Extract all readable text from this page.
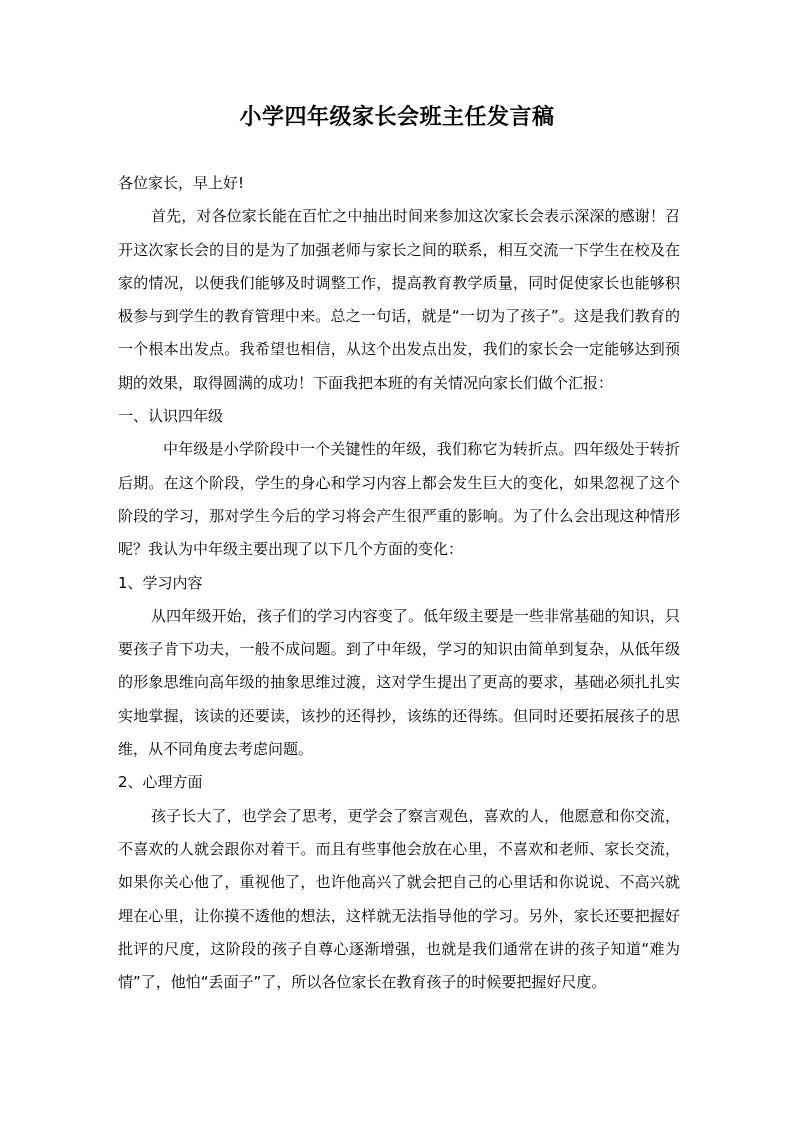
小学四年级家长会班主任发言稿

各位家长，早上好!

首先，对各位家长能在百忙之中抽出时间来参加这次家长会表示深深的感谢！召开这次家长会的目的是为了加强老师与家长之间的联系，相互交流一下学生在校及在家的情况，以便我们能够及时调整工作，提高教育教学质量，同时促使家长也能够积极参与到学生的教育管理中来。总之一句话，就是“一切为了孩子”。这是我们教育的一个根本出发点。我希望也相信，从这个出发点出发，我们的家长会一定能够达到预期的效果，取得圆满的成功！下面我把本班的有关情况向家长们做个汇报：

一、认识四年级

中年级是小学阶段中一个关键性的年级，我们称它为转折点。四年级处于转折后期。在这个阶段，学生的身心和学习内容上都会发生巨大的变化，如果忽视了这个阶段的学习，那对学生今后的学习将会产生很严重的影响。为了什么会出现这种情形呢？我认为中年级主要出现了以下几个方面的变化：

1、学习内容

从四年级开始，孩子们的学习内容变了。低年级主要是一些非常基础的知识，只要孩子肯下功夫，一般不成问题。到了中年级，学习的知识由简单到复杂，从低年级的形象思维向高年级的抽象思维过渡，这对学生提出了更高的要求，基础必须扎扎实实地掌握，该读的还要读，该抄的还得抄，该练的还得练。但同时还要拓展孩子的思维，从不同角度去考虑问题。

2、心理方面

孩子长大了，也学会了思考，更学会了察言观色，喜欢的人，他愿意和你交流，不喜欢的人就会跟你对着干。而且有些事他会放在心里，不喜欢和老师、家长交流，如果你关心他了，重视他了，也许他高兴了就会把自己的心里话和你说说、不高兴就埋在心里，让你摸不透他的想法，这样就无法指导他的学习。另外，家长还要把握好批评的尺度，这阶段的孩子自尊心逐渐增强，也就是我们通常在讲的孩子知道“难为情”了，他怕“丢面子”了，所以各位家长在教育孩子的时候要把握好尺度。
